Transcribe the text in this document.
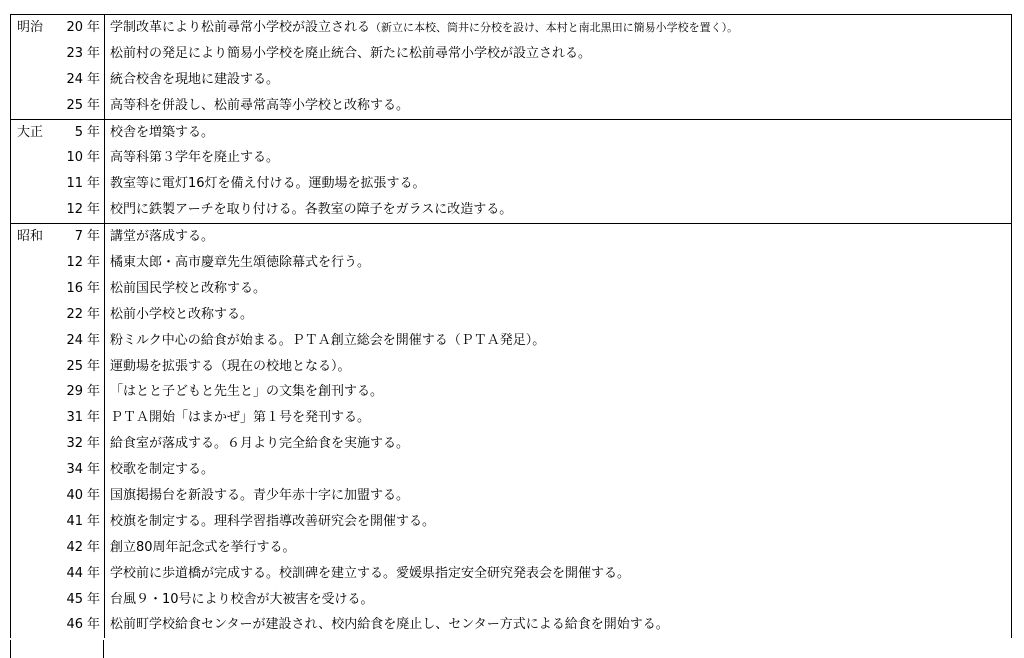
明治	20 年 学制改革により松前尋常小学校が設立される（新立に本校、筒井に分校を設け、本村と南北黒田に簡易小学校を置く）。
23 年 松前村の発足により簡易小学校を廃止統合、新たに松前尋常小学校が設立される。
24 年 統合校舎を現地に建設する。
25 年 高等科を併設し、松前尋常高等小学校と改称する。
大正	5 年 校舎を増築する。
10 年 高等科第３学年を廃止する。
11 年 教室等に電灯16灯を備え付ける。運動場を拡張する。
12 年 校門に鉄製アーチを取り付ける。各教室の障子をガラスに改造する。
昭和	7 年 講堂が落成する。
12 年 橘東太郎・高市慶章先生頌徳除幕式を行う。
16 年 松前国民学校と改称する。
22 年 松前小学校と改称する。
24 年 粉ミルク中心の給食が始まる。ＰＴＡ創立総会を開催する（ＰＴＡ発足）。
25 年 運動場を拡張する（現在の校地となる）。
29 年 「はとと子どもと先生と」の文集を創刊する。
31 年 ＰＴＡ開始「はまかぜ」第１号を発刊する。
32 年 給食室が落成する。６月より完全給食を実施する。
34 年 校歌を制定する。
40 年 国旗掲揚台を新設する。青少年赤十字に加盟する。
41 年 校旗を制定する。理科学習指導改善研究会を開催する。
42 年 創立80周年記念式を挙行する。
44 年 学校前に歩道橋が完成する。校訓碑を建立する。愛媛県指定安全研究発表会を開催する。
45 年 台風９・10号により校舎が大被害を受ける。
46 年 松前町学校給食センターが建設され、校内給食を廃止し、センター方式による給食を開始する。
